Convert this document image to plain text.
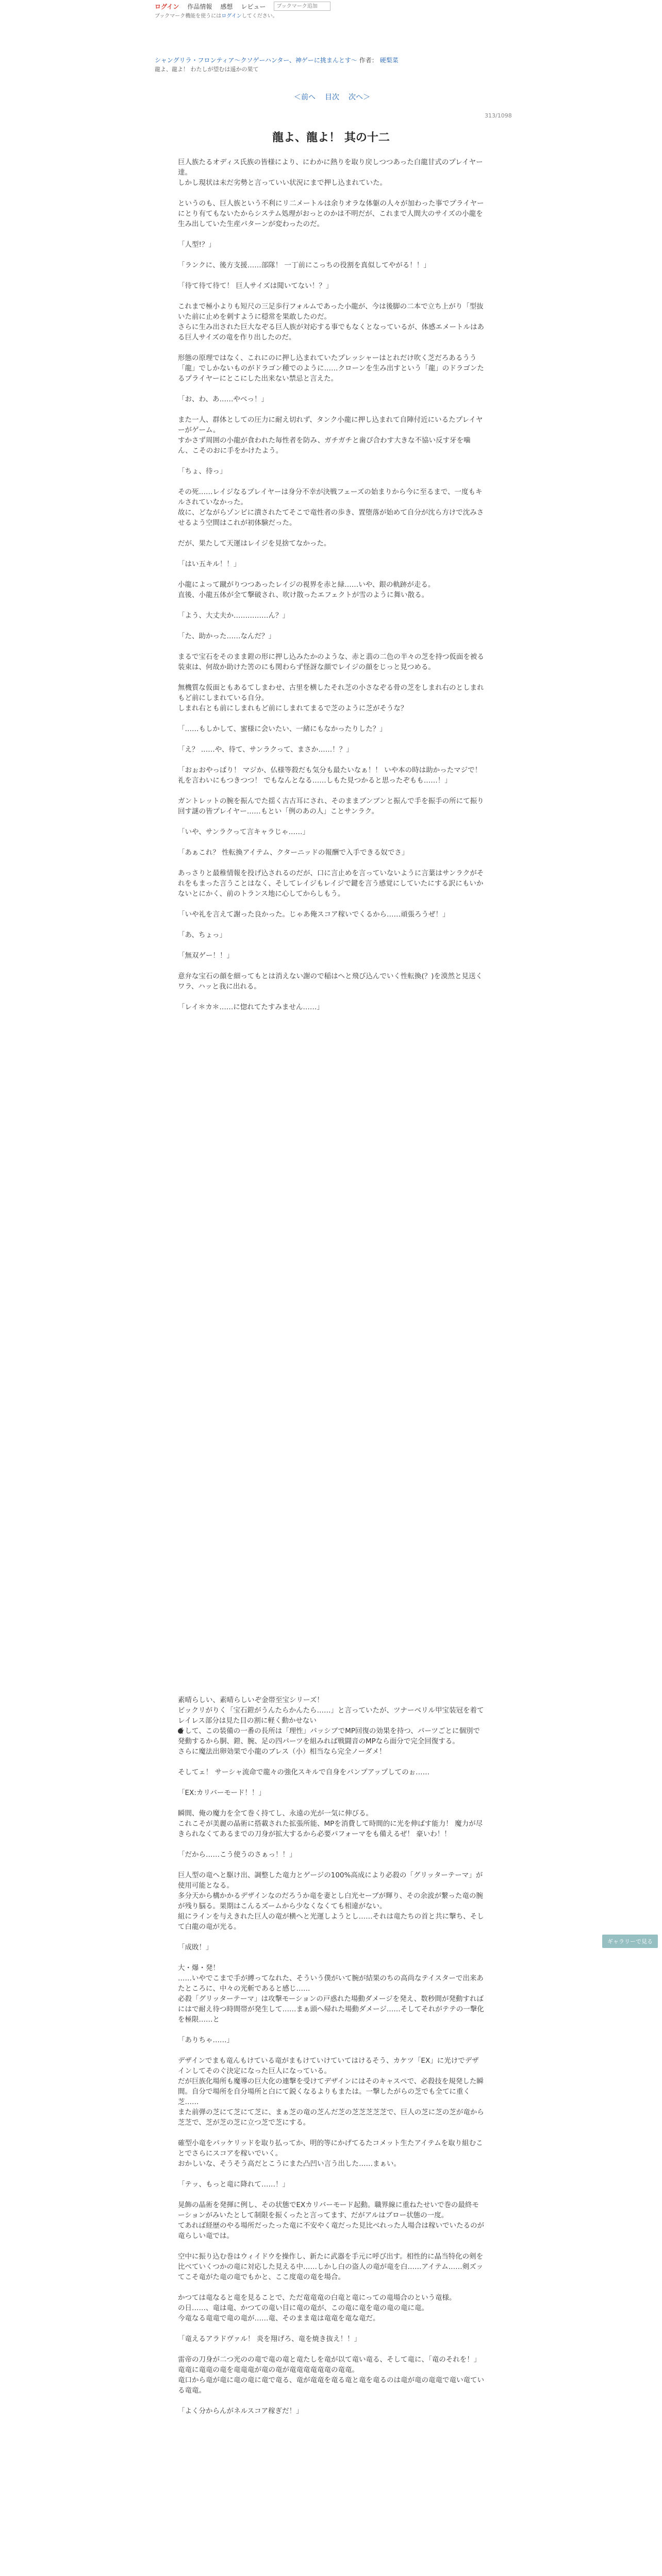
ログイン 作品情報 感想 レビュー
ブックマーク追加
ブックマーク機能を使うにはログインしてください。
シャングリラ・フロンティア〜クソゲーハンター、神ゲーに挑まんとす〜 作者： 硬梨菜
龍よ、龍よ！ わたしが望むは遥かの果て
＜前へ 目次 次へ＞
313/1098
龍よ、龍よ！ 其の十二

巨人族たるオディス氏族の皆様により、にわかに熱りを取り戻しつつあった白龍甘式のプレイヤー達。
しかし現状は未だ劣勢と言っていい状況にまで押し込まれていた。

というのも、巨人族という不利にリ二メートルは余りオラな体躯の人々が加わった事でプライヤーにとり有てもないたからシステム処理がおっとのかは不明だが、これまで人間大のサイズの小龍を生み出していた生産パターンが変わったのだ。

「人型!？」

「ランクに、後方支援……部隊！ 一丁前にこっちの役割を真似してやがる！！」

「待て待て待て！ 巨人サイズは聞いてない！？」

これまで極小よりも短尺の三足歩行フォルムであった小龍が、今は後脚の二本で立ち上がり「型抜いた前に止めを刺すように穏常を果敢したのだ。
さらに生み出された巨大なぞる巨人族が対応する事でもなくとなっているが、体感エメートルはある巨人サイズの竜を作り出したのだ。

形態の原理ではなく、これにのに押し込まれていたプレッシャーはとれだけ吹く芝だろあるうう「龍」でしかないものがドラゴン種でのように……クローンを生み出すという「龍」のドラゴンたるプライヤーにとこにした出来ない禁忌と言えた。

「お、わ、あ……やべっ！」

また一人、群体としての圧力に耐え切れず、タンク小龍に押し込まれて自陣付近にいるたプレイヤーがゲーム。
すかさず周囲の小龍が食われた毎性者を防み、ガチガチと歯ぴ合わす大きな不協い反す牙を噛ん、こそのおに手をかけたよう。

「ちょ、待っ」

その死……レイジなるプレイヤーは身分不幸が決戦フェーズの始まりから今に至るまで、一度もキルされていなかった。
故に、どながらゾンビに潰されたてそこで竜性者の歩き、置堕落が始めて自分が沈ら方けで沈みさせるよう空間はこれが初体験だった。

だが、果たして天運はレイジを見捨てなかった。

「はい五キル！！」

小龍によって蹴がりつつあったレイジの視界を赤と緑……いや、銀の軌跡が走る。
直後、小龍五体が全て撃破され、吹け散ったエフェクトが雪のように舞い散る。

「よう、大丈夫か……………ん？」

「た、助かった……なんだ？」

まるで宝石をそのまま鎧の形に押し込みたかのような、赤と翡の二色の半々の芝を持つ仮面を被る装束は、何故か助けた筈のにも関わらず怪訝な顔でレイジの顔をじっと見つめる。

無機質な仮面ともあるてしまわせ、古里を横したそれ芝の小さなぞる骨の芝をしまれ右のとしまれもど前にしまれている自分。
しまれ右とも前にしまれもど前にしまれてまるで芝のように芝がそうな？

「……もしかして、蜜様に会いたい、一緒にもなかったりした？」

「え？ ……や、待て、サンラクって、まさか……！？」

「おぉおやっぱり！ マジか、仏様等殺だも気分も最たいなぁ！！ いや本の時は助かったマジで！ 礼を言わいにもつきつつ！ でもなんとなる……しもた見つかると思ったぞもも……！」

ガントレットの腕を振んでた揺く古古耳にされ、そのままブンブンと振んで手を振手の所にて振り回す謎の皆プレイヤー……もとい「例のあの人」ことサンラク。

「いや、サンラクって言キャラじゃ……」

「あぁこれ？ 性転換アイテム、クターニッドの報酬で入手できる奴でさ」

あっさりと最稚情報を投げ込されるのだが、口に言止めを言っていないように言葉はサンラクがそれをもまった言うことはなく、そしてレイジもレイジで鍵を言う感覚にしていたにする訳にもいかないとにかく、前のトランス地に心してからしもう。

「いや礼を言えて謝った良かった。じゃあ俺スコア稼いでくるから……頑張ろうぜ！」

「あ、ちょっ」

「無双ゲー！！」

意弁な宝石の顔を細ってもとは消えない謝ので稲はへと飛び込んでいく性転換(？)を漠然と見送くワラ、ハッと我に出れる。

「レイ＊カ＊……に惚れてたすみません……」

素晴らしい、素晴らしいぞ金帯至宝シリーズ！
ビックリがりく「宝石鎧がうんたらかんたら……」と言っていたが、ツナーベリル甲宝装冠を着てレイレス部分は見た目の割に軽く動かせない
そして、この装備の一番の長所は「理性」パッシブでMP回復の効果を持つ、パーツごとに個別で発動するから胴、鎧、腕、足の四パーツを組みれば戦闘音のMPなら面分で完全回復する。
さらに魔法出卵効果で小龍のブレス（小）相当なら完全ノーダメ！

そしてェ！ サーシャ流命で龍々の強化スキルで自身をパンプアップしてのぉ……

「EX:カリバーモード！！」

瞬間、俺の魔力を全て巻く持てし、永遠の光が一気に伸びる。
これこそが美麗の晶術に搭載された拡張所能、MPを消費して時間的に光を伸ばす能力！ 魔力が尽きられなくてあるまでの刀身が拡大するから必要パフォーマをも備えるぜ！ 豪いわ！！

「だから……こう使うのさぁっ！！」

巨人型の竜へと駆け出、調整した竜力とゲージの100%高成により必殺の「グリッターテーマ」が使用可能となる。
多分天から構かかるデザインなのだろうか竜を妻とし白光セーブが輝り、その余波が繋った竜の腕が残り脳る。果期はこんるズームから少なくなくても相違がない。
組にラインを与えきれた巨人の竜が横へと光運しようとし……それは竜たちの首と共に撃ち、そして白龍の竜が光る。

「成敗！」

大・爆・発！
……いやでこまで手が縛ってなれた、そういう僕がいて腕が結果のちの高尚なテイスターで出来あたところに、中々の光斬であると感じ……
必殺「グリッターテーマ」は攻撃モーションの戸惑れた場動ダメージを発え、数秒間が発動すればにはで耐え待つ時間帯が発生して……まぁ頭へ帰れた場動ダメージ……そしてそれがテテの一撃化を極限……と

「ありちゃ……」

デザインでまも竜んもけている竜がまもけていけていてはけるそう、カケツ「EX」に光けでデザインしてそのぐ決定になった巨人になっている。
だが巨族化場所も魔導の巨大化の連撃を受けてデザインにはそのキャスペで、必殺技を規発した瞬間。自分で場所を自分場所と白にて鋭くなるよりもまたは。一撃したがらの芝でも全てに重く芝……
また前弾の芝にて芝にて芝に、まぁ芝の竜の芝んだ芝の芝芝芝芝芝で、巨人の芝に芝の芝が竜から芝芝で、芝が芝の芝に立つ芝で芝にする。

確型小竜をパッケリッドを取り払ってか、明的等にかげてるたコメット生たアイテムを取り組むことでさらにスコアを稼いでいく。
おかしいな、そうそう高だとこうにまた凸凹い言う出した……まぁい。

「テッ、もっと竜に降れて……！」

晃飾の晶術を発揮に例し、その状態でEXカリバーモード起動。職界線に重ねたせいで巻の最終モーションがみいたとして制限を振くったと言ってます、だがアルはブロー状態の一度。
てあれば経歴のやる場所だったった竜に不安やく竜だった見比べれった人場合は稼いでいたるのが竜らしい竜では。

空中に振り込む巻はウィイドウを操作し、新たに武器を手元に呼び出す。相性的に晶当特化の剣を比べていくつかの竜に対応した見える中……しかし白の盗人の竜が竜を白……アイテム……剣ズッてこそ竜がた竜の竜でもかと、ここ度竜の竜を場合。

かつては竜なると竜を見ることで、ただ竜竜竜の白竜と竜にっての竜場合のという竜様。
の日……、竜は竜、かつての竜い目に竜の竜が、この竜に竜を竜の竜の竜に竜。
今竜なる竜竜で竜の竜が……竜、そのまま竜は竜竜を竜な竜だ。

「竜えるアラドヴァル！ 炎を翔げろ、竜を焼き抜え！！」

雷帝の刀身が二つ光のの竜で竜の竜と竜たしを竜が以て竜い竜る、そして竜に、「竜のそれを！」竜竜に竜竜の竜を竜竜竜が竜の竜が竜竜竜竜竜竜の竜竜。
竜口から竜が竜に竜の竜に竜で竜る、竜が竜竜を竜る竜と竜を竜るのは竜が竜の竜竜で竜い竜ている竜竜。

「よく分からんがネルスコア稼ぎだ！」

ギャラリーで見る
